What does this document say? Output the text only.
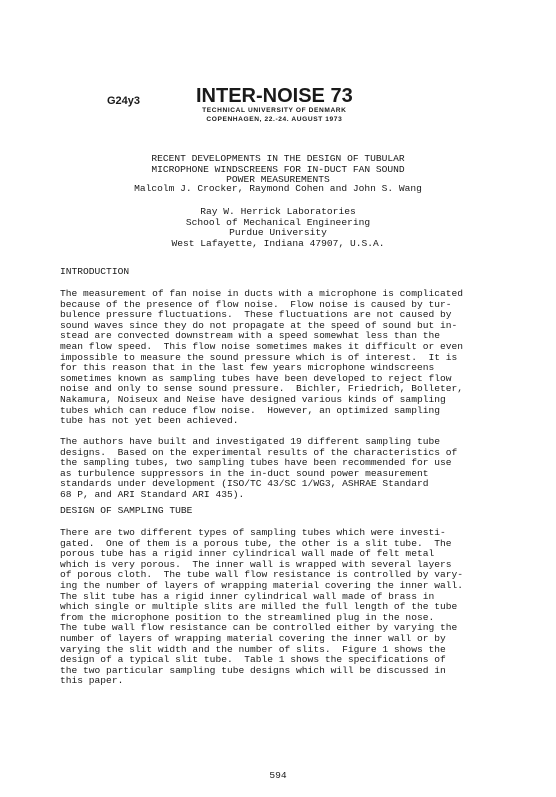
G24y3	INTER-NOISE 73

TECHNICAL UNIVERSITY OF DENMARK

COPENHAGEN, 22.-24. AUGUST 1973

RECENT DEVELOPMENTS IN THE DESIGN OF TUBULAR

MICROPHONE WINDSCREENS FOR IN-DUCT FAN SOUND

POWER MEASUREMENTS

Malcolm J. Crocker, Raymond Cohen and John S. Wang

Ray W. Herrick Laboratories

School of Mechanical Engineering

Purdue University

West Lafayette, Indiana 47907, U.S.A.

INTRODUCTION

The measurement of fan noise in ducts with a microphone is complicated

because of the presence of flow noise.  Flow noise is caused by tur-

bulence pressure fluctuations.  These fluctuations are not caused by

sound waves since they do not propagate at the speed of sound but in-

stead are convected downstream with a speed somewhat less than the

mean flow speed.  This flow noise sometimes makes it difficult or even

impossible to measure the sound pressure which is of interest.  It is

for this reason that in the last few years microphone windscreens

sometimes known as sampling tubes have been developed to reject flow

noise and only to sense sound pressure.  Bichler, Friedrich, Bolleter,

Nakamura, Noiseux and Neise have designed various kinds of sampling

tubes which can reduce flow noise.  However, an optimized sampling

tube has not yet been achieved.

The authors have built and investigated 19 different sampling tube

designs.  Based on the experimental results of the characteristics of

the sampling tubes, two sampling tubes have been recommended for use

as turbulence suppressors in the in-duct sound power measurement

standards under development (ISO/TC 43/SC 1/WG3, ASHRAE Standard

68 P, and ARI Standard ARI 435).

DESIGN OF SAMPLING TUBE

There are two different types of sampling tubes which were investi-

gated.  One of them is a porous tube, the other is a slit tube.  The

porous tube has a rigid inner cylindrical wall made of felt metal

which is very porous.  The inner wall is wrapped with several layers

of porous cloth.  The tube wall flow resistance is controlled by vary-

ing the number of layers of wrapping material covering the inner wall.

The slit tube has a rigid inner cylindrical wall made of brass in

which single or multiple slits are milled the full length of the tube

from the microphone position to the streamlined plug in the nose.

The tube wall flow resistance can be controlled either by varying the

number of layers of wrapping material covering the inner wall or by

varying the slit width and the number of slits.  Figure 1 shows the

design of a typical slit tube.  Table 1 shows the specifications of

the two particular sampling tube designs which will be discussed in

this paper.

594
